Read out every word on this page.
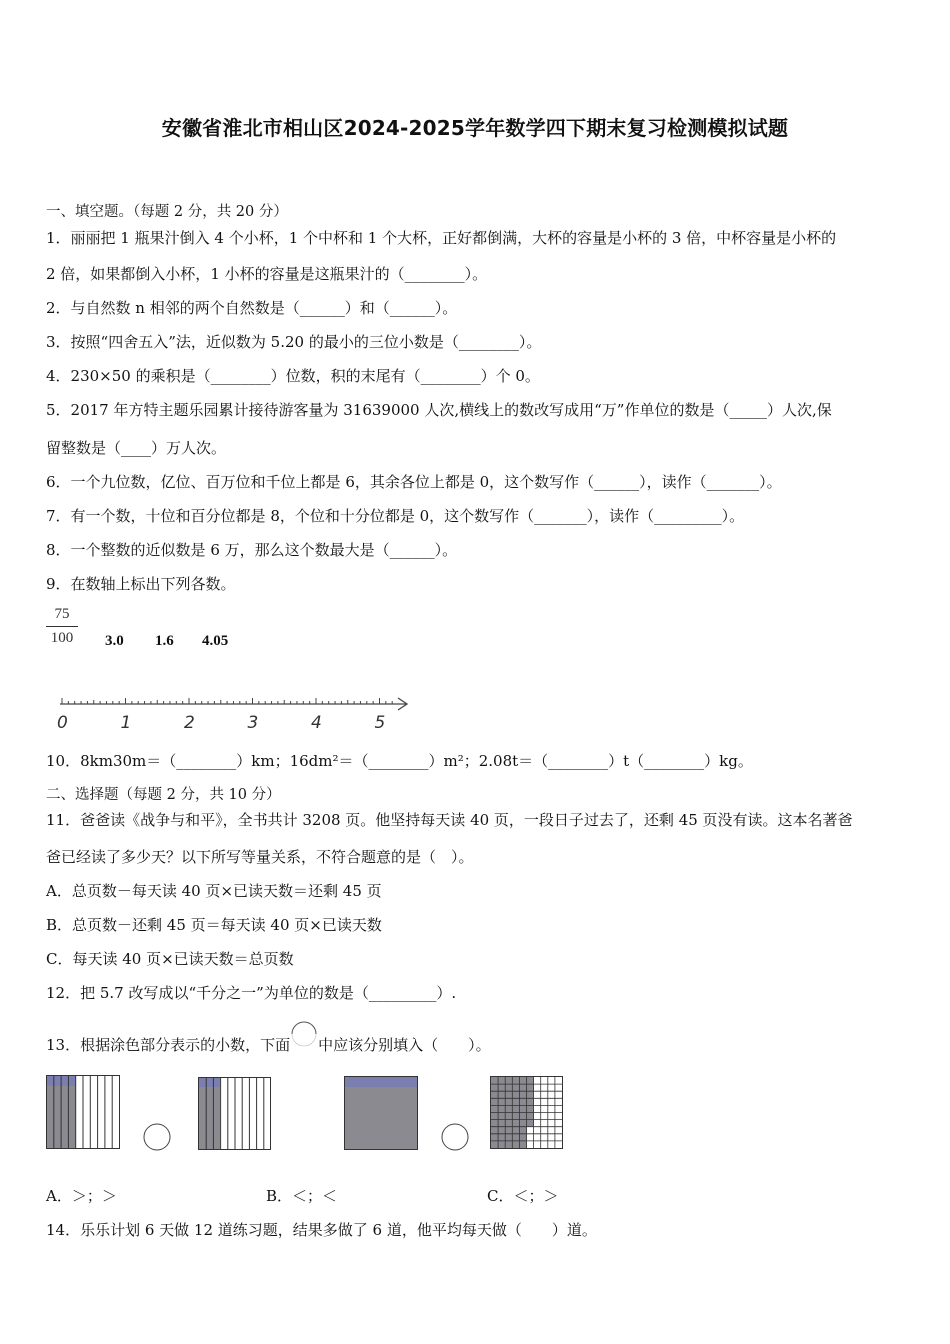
安徽省淮北市相山区2024-2025学年数学四下期末复习检测模拟试题
一、填空题。（每题 2 分，共 20 分）
1．丽丽把 1 瓶果汁倒入 4 个小杯，1 个中杯和 1 个大杯，正好都倒满，大杯的容量是小杯的 3 倍，中杯容量是小杯的
2 倍，如果都倒入小杯，1 小杯的容量是这瓶果汁的（________）。
2．与自然数 n 相邻的两个自然数是（______）和（______）。
3．按照“四舍五入”法，近似数为 5.20 的最小的三位小数是（________）。
4．230×50 的乘积是（________）位数，积的末尾有（________）个 0。
5．2017 年方特主题乐园累计接待游客量为 31639000 人次,横线上的数改写成用“万”作单位的数是（_____）人次,保
留整数是（____）万人次。
6．一个九位数，亿位、百万位和千位上都是 6，其余各位上都是 0，这个数写作（______），读作（_______）。
7．有一个数，十位和百分位都是 8，个位和十分位都是 0，这个数写作（_______），读作（_________）。
8．一个整数的近似数是 6 万，那么这个数最大是（______）。
9．在数轴上标出下列各数。
75
100	3.0 1.6 4.05
0	1	2	3	4	5
10．8km30m＝（________）km；16dm²＝（________）m²；2.08t＝（________）t（________）kg。
二、选择题（每题 2 分，共 10 分）
11．爸爸读《战争与和平》，全书共计 3208 页。他坚持每天读 40 页，一段日子过去了，还剩 45 页没有读。这本名著爸
爸已经读了多少天？以下所写等量关系，不符合题意的是（　）。
A．总页数－每天读 40 页×已读天数＝还剩 45 页
B．总页数－还剩 45 页＝每天读 40 页×已读天数
C．每天读 40 页×已读天数＝总页数
12．把 5.7 改写成以“千分之一”为单位的数是（_________）.
13．根据涂色部分表示的小数，下面 中应该分别填入（　　）。
A．＞；＞	B．＜；＜	C．＜；＞
14．乐乐计划 6 天做 12 道练习题，结果多做了 6 道，他平均每天做（　　）道。
